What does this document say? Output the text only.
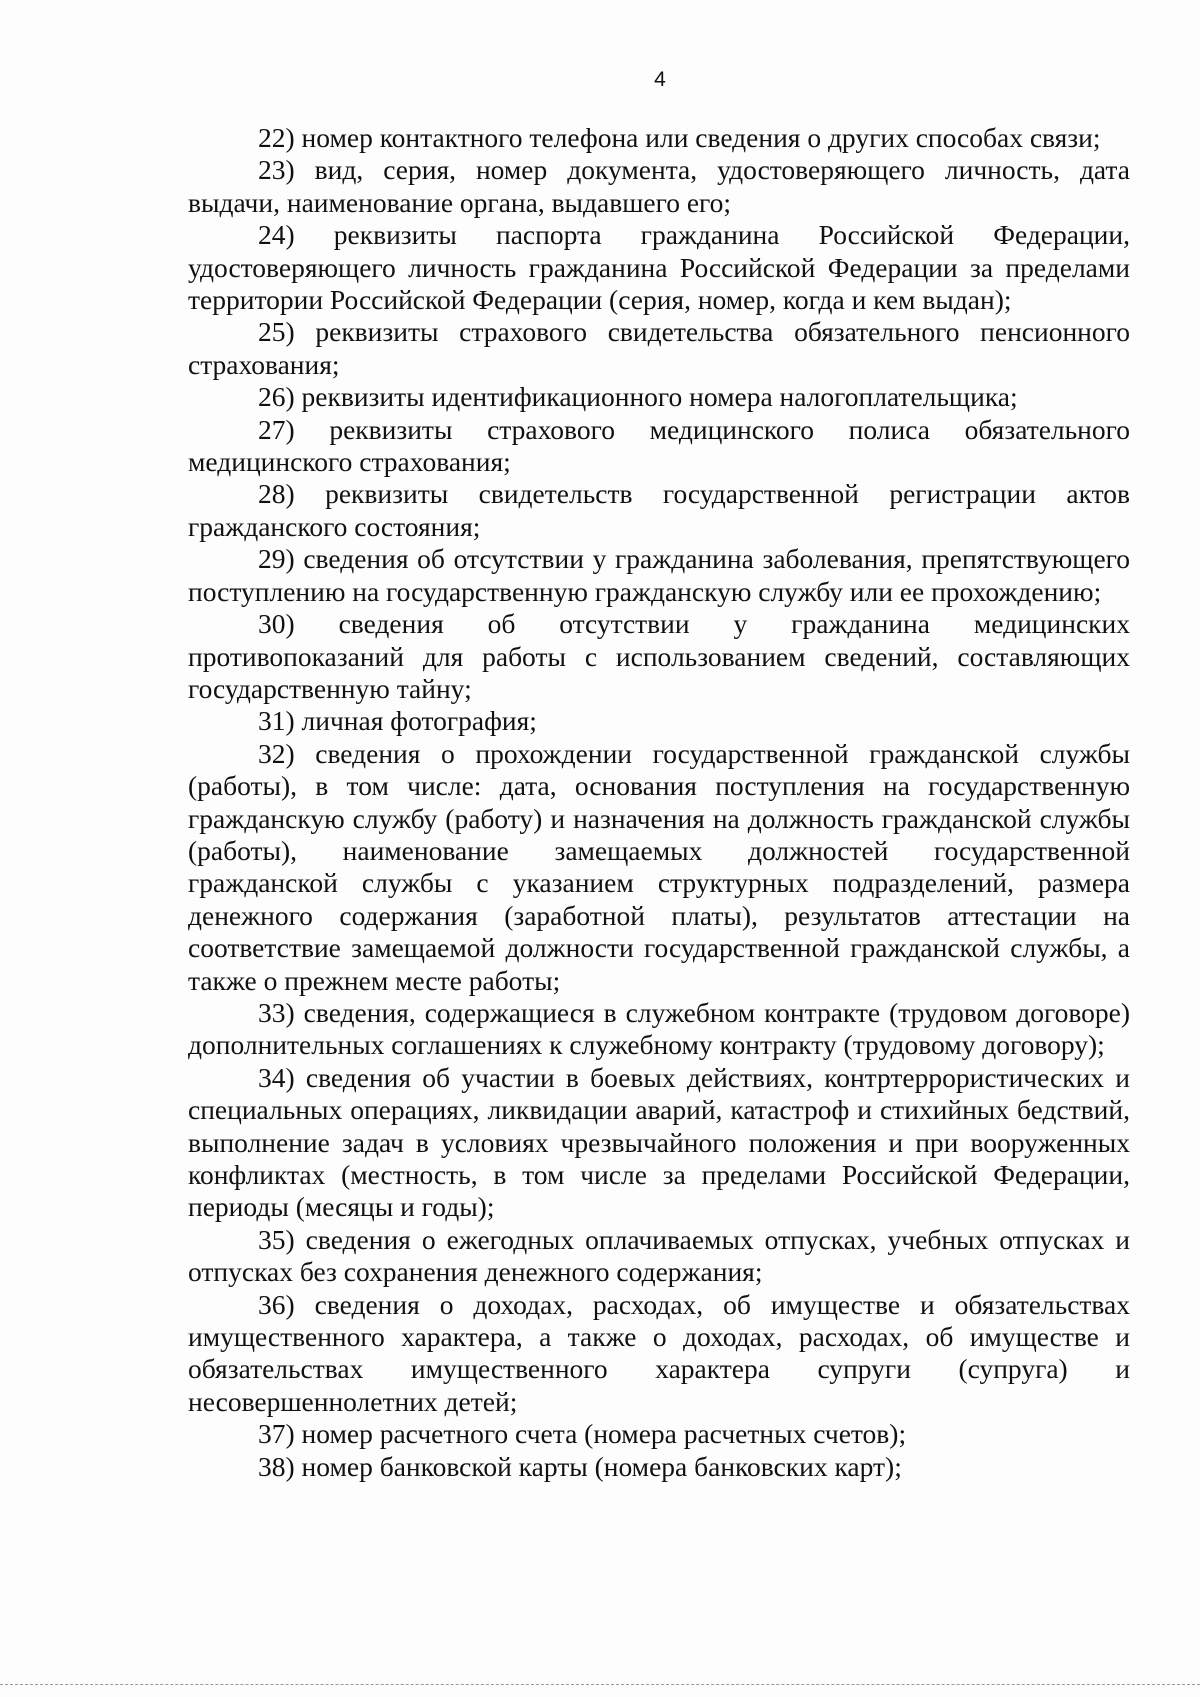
4

22) номер контактного телефона или сведения о других способах связи;

23) вид, серия, номер документа, удостоверяющего личность, дата выдачи, наименование органа, выдавшего его;

24) реквизиты паспорта гражданина Российской Федерации, удостоверяющего личность гражданина Российской Федерации за пределами территории Российской Федерации (серия, номер, когда и кем выдан);

25) реквизиты страхового свидетельства обязательного пенсионного страхования;

26) реквизиты идентификационного номера налогоплательщика;

27) реквизиты страхового медицинского полиса обязательного медицинского страхования;

28) реквизиты свидетельств государственной регистрации актов гражданского состояния;

29) сведения об отсутствии у гражданина заболевания, препятствующего поступлению на государственную гражданскую службу или ее прохождению;

30) сведения об отсутствии у гражданина медицинских противопоказаний для работы с использованием сведений, составляющих государственную тайну;

31) личная фотография;

32) сведения о прохождении государственной гражданской службы (работы), в том числе: дата, основания поступления на государственную гражданскую службу (работу) и назначения на должность гражданской службы (работы), наименование замещаемых должностей государственной гражданской службы с указанием структурных подразделений, размера денежного содержания (заработной платы), результатов аттестации на соответствие замещаемой должности государственной гражданской службы, а также о прежнем месте работы;

33) сведения, содержащиеся в служебном контракте (трудовом договоре) дополнительных соглашениях к служебному контракту (трудовому договору);

34) сведения об участии в боевых действиях, контртеррористических и специальных операциях, ликвидации аварий, катастроф и стихийных бедствий, выполнение задач в условиях чрезвычайного положения и при вооруженных конфликтах (местность, в том числе за пределами Российской Федерации, периоды (месяцы и годы);

35) сведения о ежегодных оплачиваемых отпусках, учебных отпусках и отпусках без сохранения денежного содержания;

36) сведения о доходах, расходах, об имуществе и обязательствах имущественного характера, а также о доходах, расходах, об имуществе и обязательствах имущественного характера супруги (супруга) и несовершеннолетних детей;

37) номер расчетного счета (номера расчетных счетов);

38) номер банковской карты (номера банковских карт);
